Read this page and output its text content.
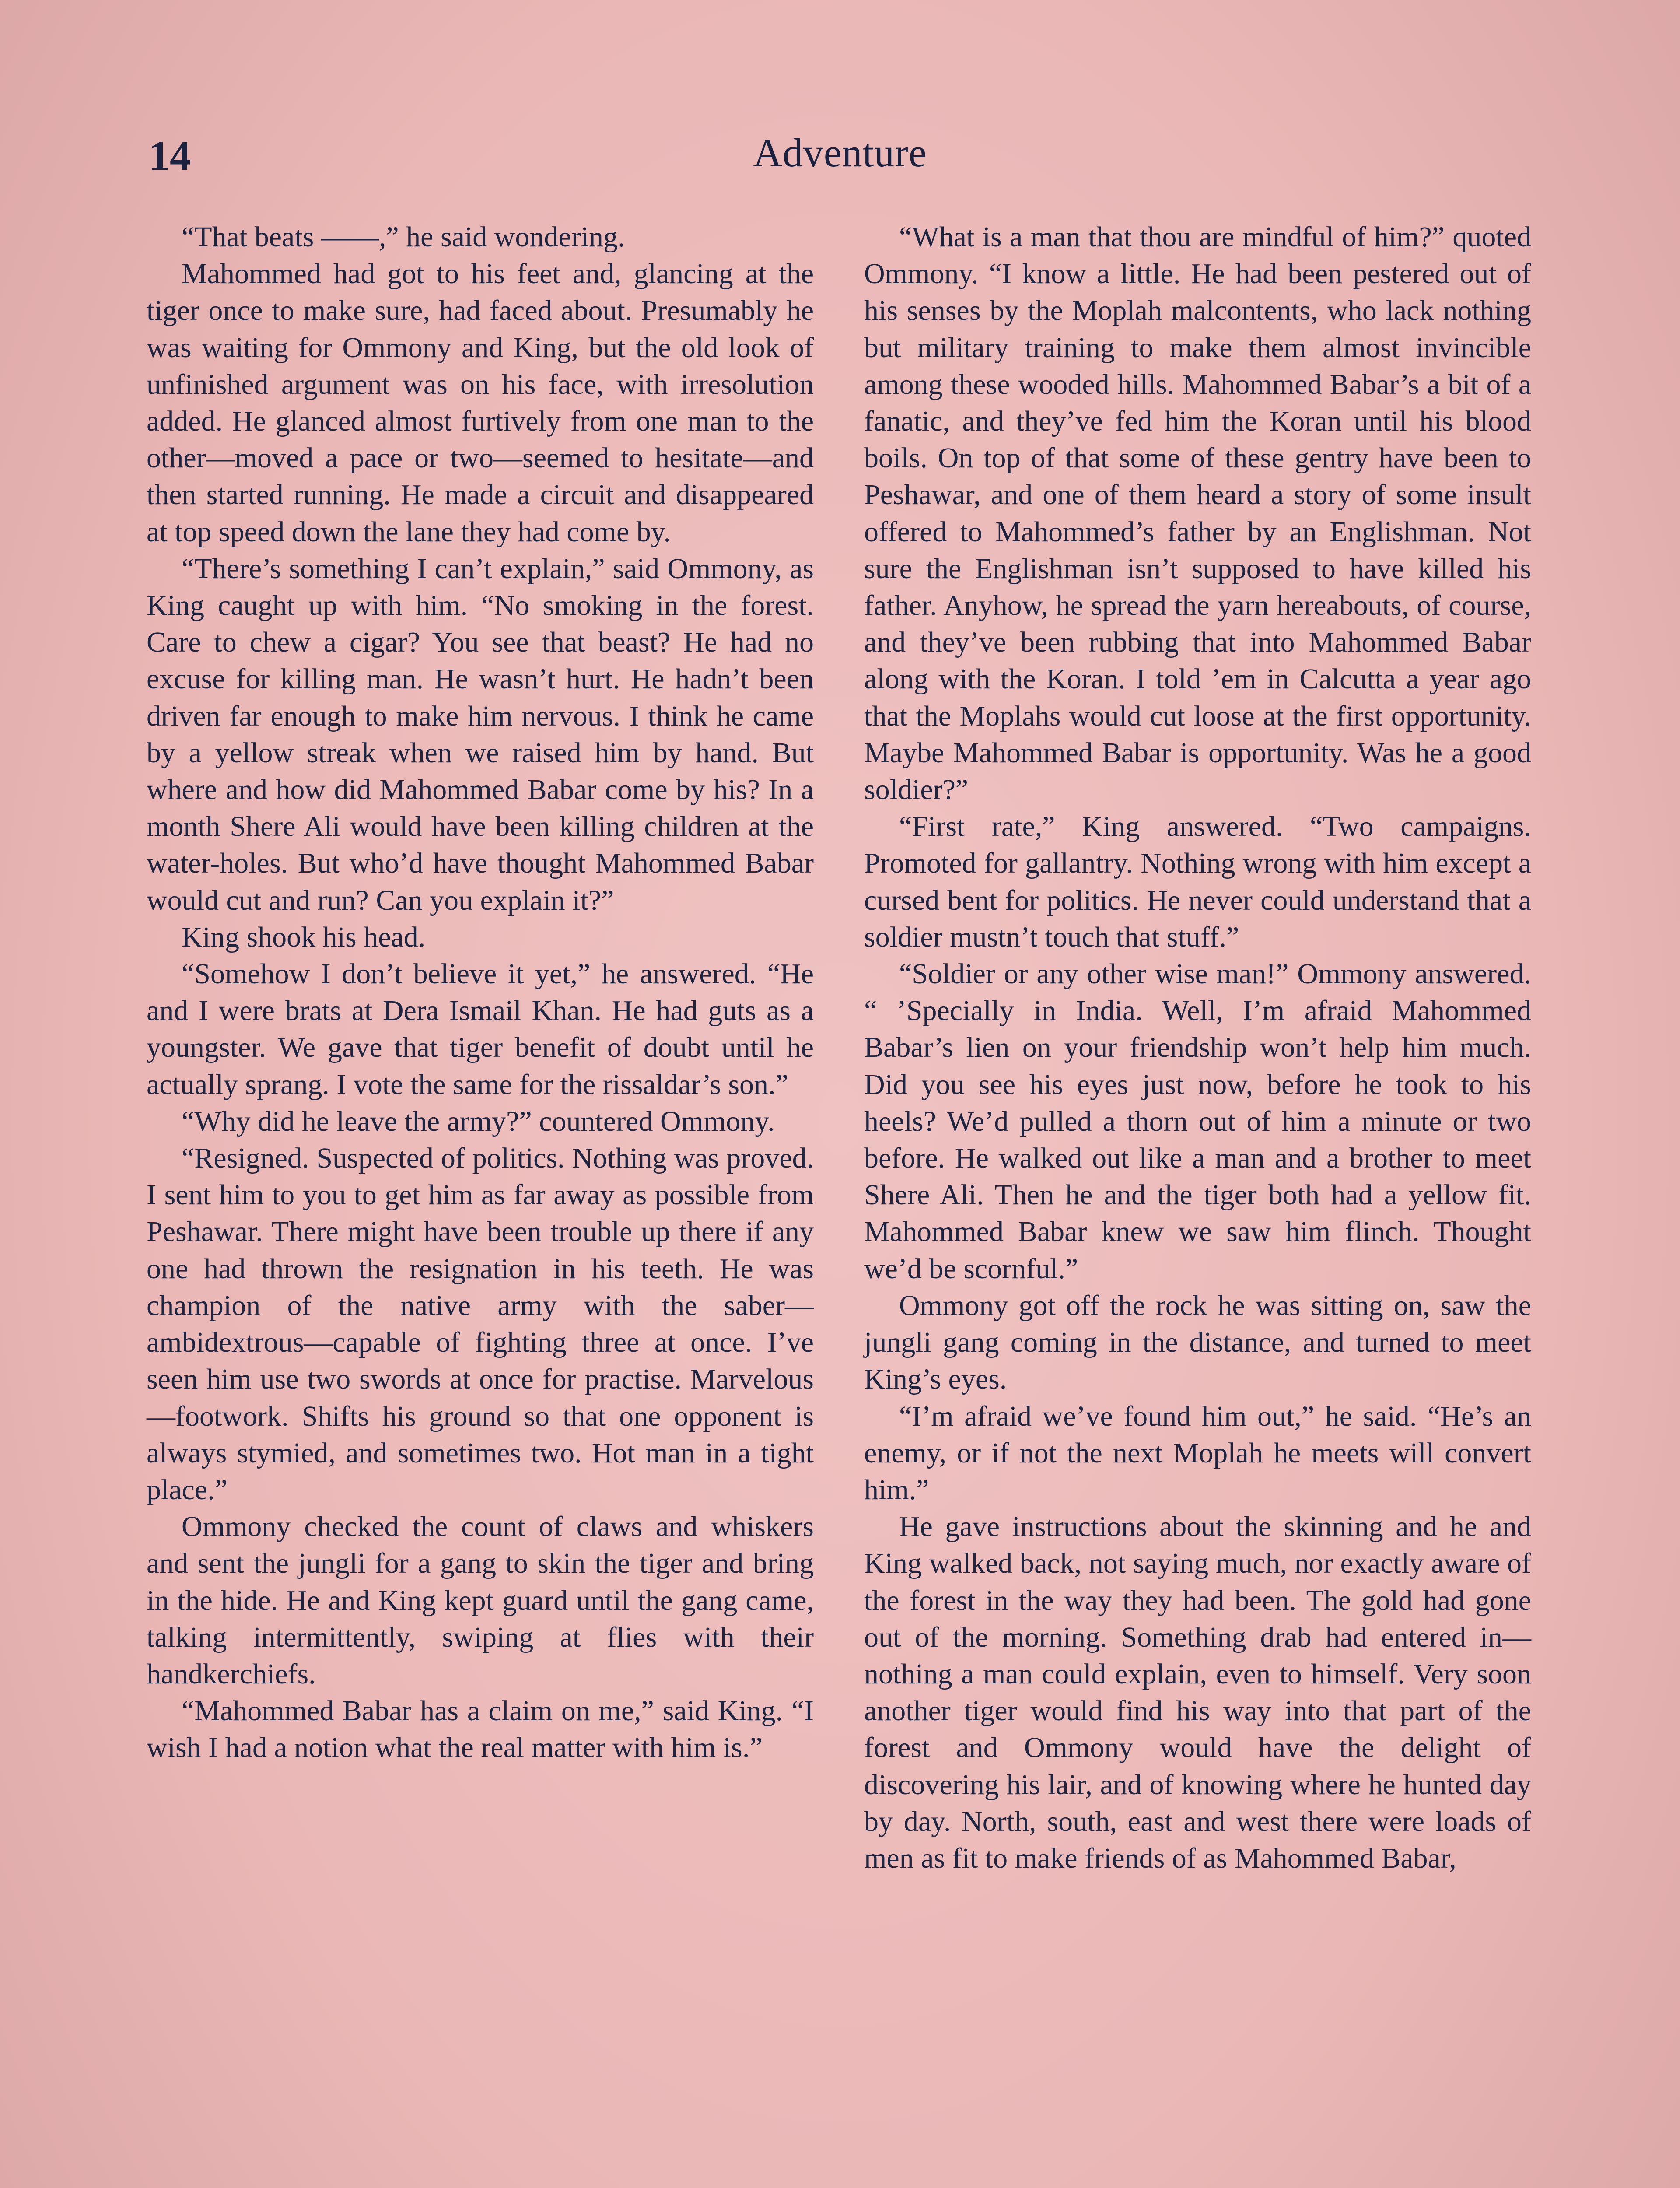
14	Adventure

“That beats ——,” he said wondering.

Mahommed had got to his feet and, glancing at the tiger once to make sure, had faced about. Presumably he was waiting for Ommony and King, but the old look of unfinished argument was on his face, with irresolution added. He glanced almost furtively from one man to the other—moved a pace or two—seemed to hesitate—and then started running. He made a circuit and disappeared at top speed down the lane they had come by.

“There’s something I can’t explain,” said Ommony, as King caught up with him. “No smoking in the forest. Care to chew a cigar? You see that beast? He had no excuse for killing man. He wasn’t hurt. He hadn’t been driven far enough to make him nervous. I think he came by a yellow streak when we raised him by hand. But where and how did Mahommed Babar come by his? In a month Shere Ali would have been killing children at the water-holes. But who’d have thought Mahommed Babar would cut and run? Can you explain it?”

King shook his head.

“Somehow I don’t believe it yet,” he answered. “He and I were brats at Dera Ismail Khan. He had guts as a youngster. We gave that tiger benefit of doubt until he actually sprang. I vote the same for the rissaldar’s son.”

“Why did he leave the army?” countered Ommony.

“Resigned. Suspected of politics. Nothing was proved. I sent him to you to get him as far away as possible from Peshawar. There might have been trouble up there if any one had thrown the resignation in his teeth. He was champion of the native army with the saber—ambidextrous—capable of fighting three at once. I’ve seen him use two swords at once for practise. Marvelous—footwork. Shifts his ground so that one opponent is always stymied, and sometimes two. Hot man in a tight place.”

Ommony checked the count of claws and whiskers and sent the jungli for a gang to skin the tiger and bring in the hide. He and King kept guard until the gang came, talking intermittently, swiping at flies with their handkerchiefs.

“Mahommed Babar has a claim on me,” said King. “I wish I had a notion what the real matter with him is.”

“What is a man that thou are mindful of him?” quoted Ommony. “I know a little. He had been pestered out of his senses by the Moplah malcontents, who lack nothing but military training to make them almost invincible among these wooded hills. Mahommed Babar’s a bit of a fanatic, and they’ve fed him the Koran until his blood boils. On top of that some of these gentry have been to Peshawar, and one of them heard a story of some insult offered to Mahommed’s father by an Englishman. Not sure the Englishman isn’t supposed to have killed his father. Anyhow, he spread the yarn hereabouts, of course, and they’ve been rubbing that into Mahommed Babar along with the Koran. I told ’em in Calcutta a year ago that the Moplahs would cut loose at the first opportunity. Maybe Mahommed Babar is opportunity. Was he a good soldier?”

“First rate,” King answered. “Two campaigns. Promoted for gallantry. Nothing wrong with him except a cursed bent for politics. He never could understand that a soldier mustn’t touch that stuff.”

“Soldier or any other wise man!” Ommony answered. “ ’Specially in India. Well, I’m afraid Mahommed Babar’s lien on your friendship won’t help him much. Did you see his eyes just now, before he took to his heels? We’d pulled a thorn out of him a minute or two before. He walked out like a man and a brother to meet Shere Ali. Then he and the tiger both had a yellow fit. Mahommed Babar knew we saw him flinch. Thought we’d be scornful.”

Ommony got off the rock he was sitting on, saw the jungli gang coming in the distance, and turned to meet King’s eyes.

“I’m afraid we’ve found him out,” he said. “He’s an enemy, or if not the next Moplah he meets will convert him.”

He gave instructions about the skinning and he and King walked back, not saying much, nor exactly aware of the forest in the way they had been. The gold had gone out of the morning. Something drab had entered in—nothing a man could explain, even to himself. Very soon another tiger would find his way into that part of the forest and Ommony would have the delight of discovering his lair, and of knowing where he hunted day by day. North, south, east and west there were loads of men as fit to make friends of as Mahommed Babar,
